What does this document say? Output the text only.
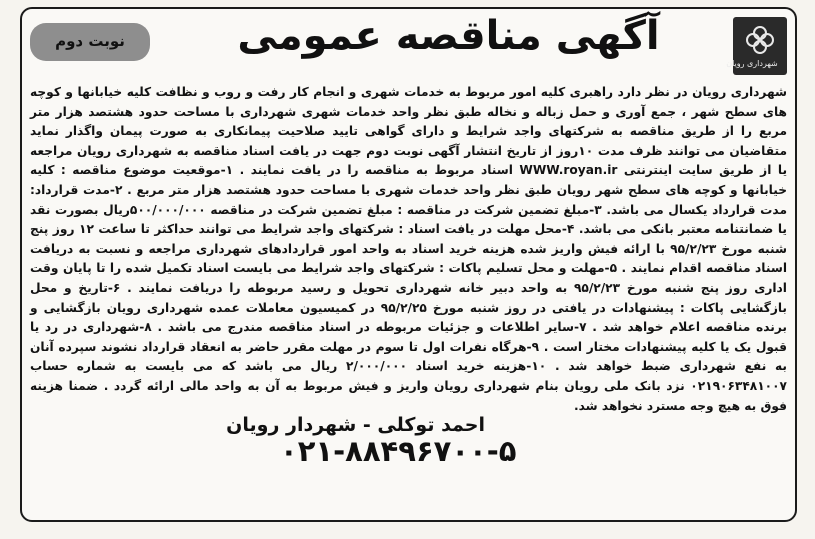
شهرداری رویان
آگهی مناقصه عمومی
نوبت دوم

شهرداری رویان در نظر دارد راهبری کلیه امور مربوط به خدمات شهری و انجام کار رفت و روب و نظافت کلیه خیابانها و کوچه های سطح شهر ، جمع آوری و حمل زباله و نخاله طبق نظر واحد خدمات شهری شهرداری با مساحت حدود هشتصد هزار متر مربع را از طریق مناقصه به شرکتهای واجد شرایط و دارای گواهی تایید صلاحیت پیمانکاری به صورت پیمان واگذار نماید متقاضیان می توانند ظرف مدت ۱۰روز از تاریخ انتشار آگهی نوبت دوم جهت در یافت اسناد مناقصه به شهرداری رویان مراجعه یا از طریق سایت اینترنتی WWW.royan.ir اسناد مربوط به مناقصه را در یافت نمایند . ۱-موقعیت موضوع مناقصه : کلیه خیابانها و کوچه های سطح شهر رویان طبق نظر واحد خدمات شهری با مساحت حدود هشتصد هزار متر مربع . ۲-مدت قرارداد: مدت قرارداد یکسال می باشد. ۳-مبلغ تضمین شرکت در مناقصه : مبلغ تضمین شرکت در مناقصه ۵۰۰/۰۰۰/۰۰۰ریال بصورت نقد یا ضمانتنامه معتبر بانکی می باشد. ۴-محل مهلت در یافت اسناد : شرکتهای واجد شرایط می توانند حداکثر تا ساعت ۱۲ روز پنج شنبه مورخ ۹۵/۲/۲۳ با ارائه فیش واریز شده هزینه خرید اسناد به واحد امور قراردادهای شهرداری مراجعه و نسبت به دریافت اسناد مناقصه اقدام نمایند . ۵-مهلت و محل تسلیم پاکات : شرکتهای واجد شرایط می بایست اسناد تکمیل شده را تا پایان وقت اداری روز پنج شنبه مورخ ۹۵/۲/۲۳ به واحد دبیر خانه شهرداری تحویل و رسید مربوطه را دریافت نمایند . ۶-تاریخ و محل بازگشایی پاکات : پیشنهادات در یافتی در روز شنبه مورخ ۹۵/۲/۲۵ در کمیسیون معاملات عمده شهرداری رویان بازگشایی و برنده مناقصه اعلام خواهد شد . ۷-سایر اطلاعات و جزئیات مربوطه در اسناد مناقصه مندرج می باشد . ۸-شهرداری در رد یا قبول یک یا کلیه پیشنهادات مختار است . ۹-هرگاه نفرات اول تا سوم در مهلت مقرر حاضر به انعقاد قرارداد نشوند سپرده آنان به نفع شهرداری ضبط خواهد شد . ۱۰-هزینه خرید اسناد ۲/۰۰۰/۰۰۰ ریال می باشد که می بایست به شماره حساب ۰۲۱۹۰۶۳۴۸۱۰۰۷ نزد بانک ملی رویان بنام شهرداری رویان واریز و فیش مربوط به آن به واحد مالی ارائه گردد . ضمنا هزینه فوق به هیچ وجه مسترد نخواهد شد.

احمد توکلی - شهردار رویان
۰۲۱-۸۸۴۹۶۷۰۰-۵
